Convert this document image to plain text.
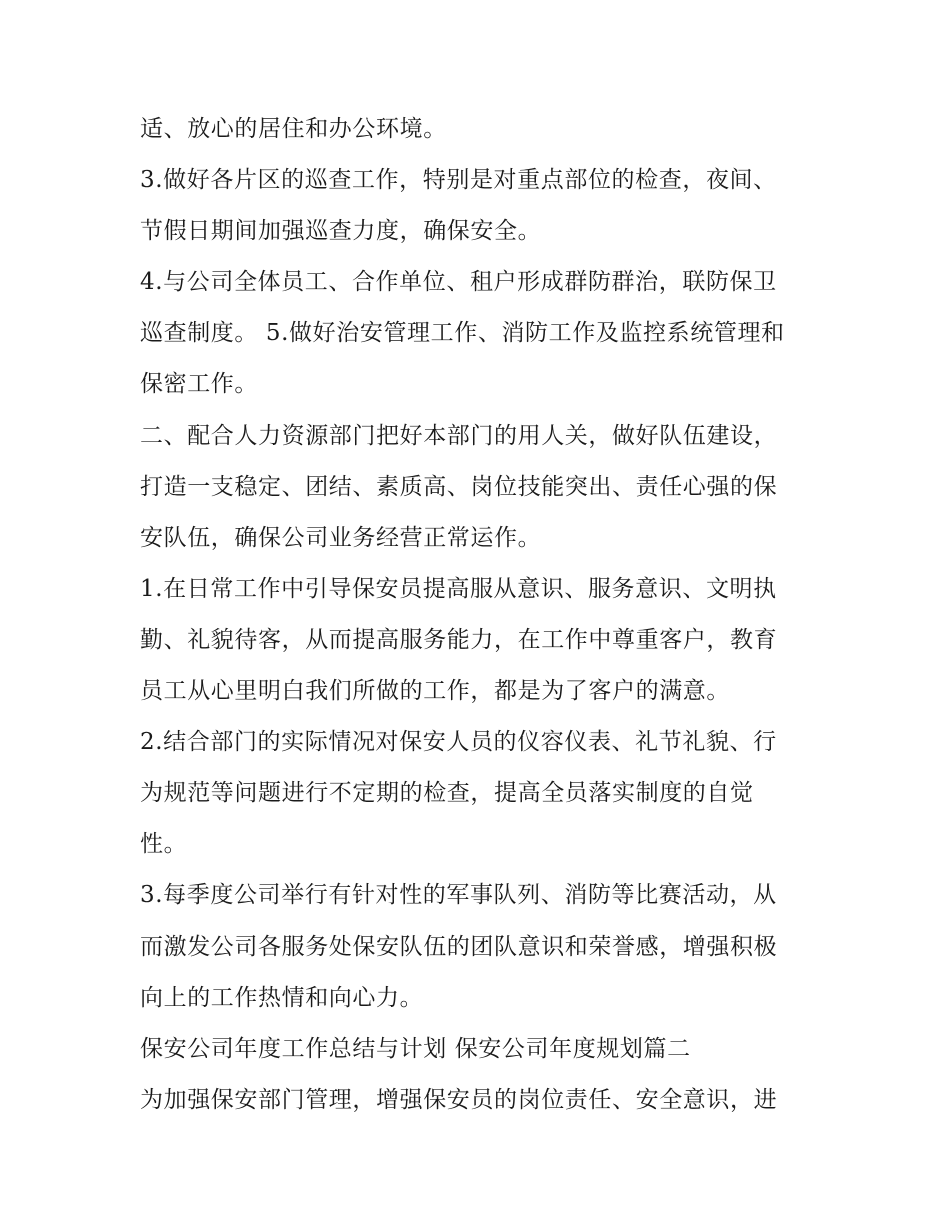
适、放心的居住和办公环境。
3.做好各片区的巡查工作，特别是对重点部位的检查，夜间、
节假日期间加强巡查力度，确保安全。
4.与公司全体员工、合作单位、租户形成群防群治，联防保卫
巡查制度。 5.做好治安管理工作、消防工作及监控系统管理和
保密工作。
二、配合人力资源部门把好本部门的用人关，做好队伍建设，
打造一支稳定、团结、素质高、岗位技能突出、责任心强的保
安队伍，确保公司业务经营正常运作。
1.在日常工作中引导保安员提高服从意识、服务意识、文明执
勤、礼貌待客，从而提高服务能力，在工作中尊重客户，教育
员工从心里明白我们所做的工作，都是为了客户的满意。
2.结合部门的实际情况对保安人员的仪容仪表、礼节礼貌、行
为规范等问题进行不定期的检查，提高全员落实制度的自觉
性。
3.每季度公司举行有针对性的军事队列、消防等比赛活动，从
而激发公司各服务处保安队伍的团队意识和荣誉感，增强积极
向上的工作热情和向心力。
保安公司年度工作总结与计划 保安公司年度规划篇二
为加强保安部门管理，增强保安员的岗位责任、安全意识，进
